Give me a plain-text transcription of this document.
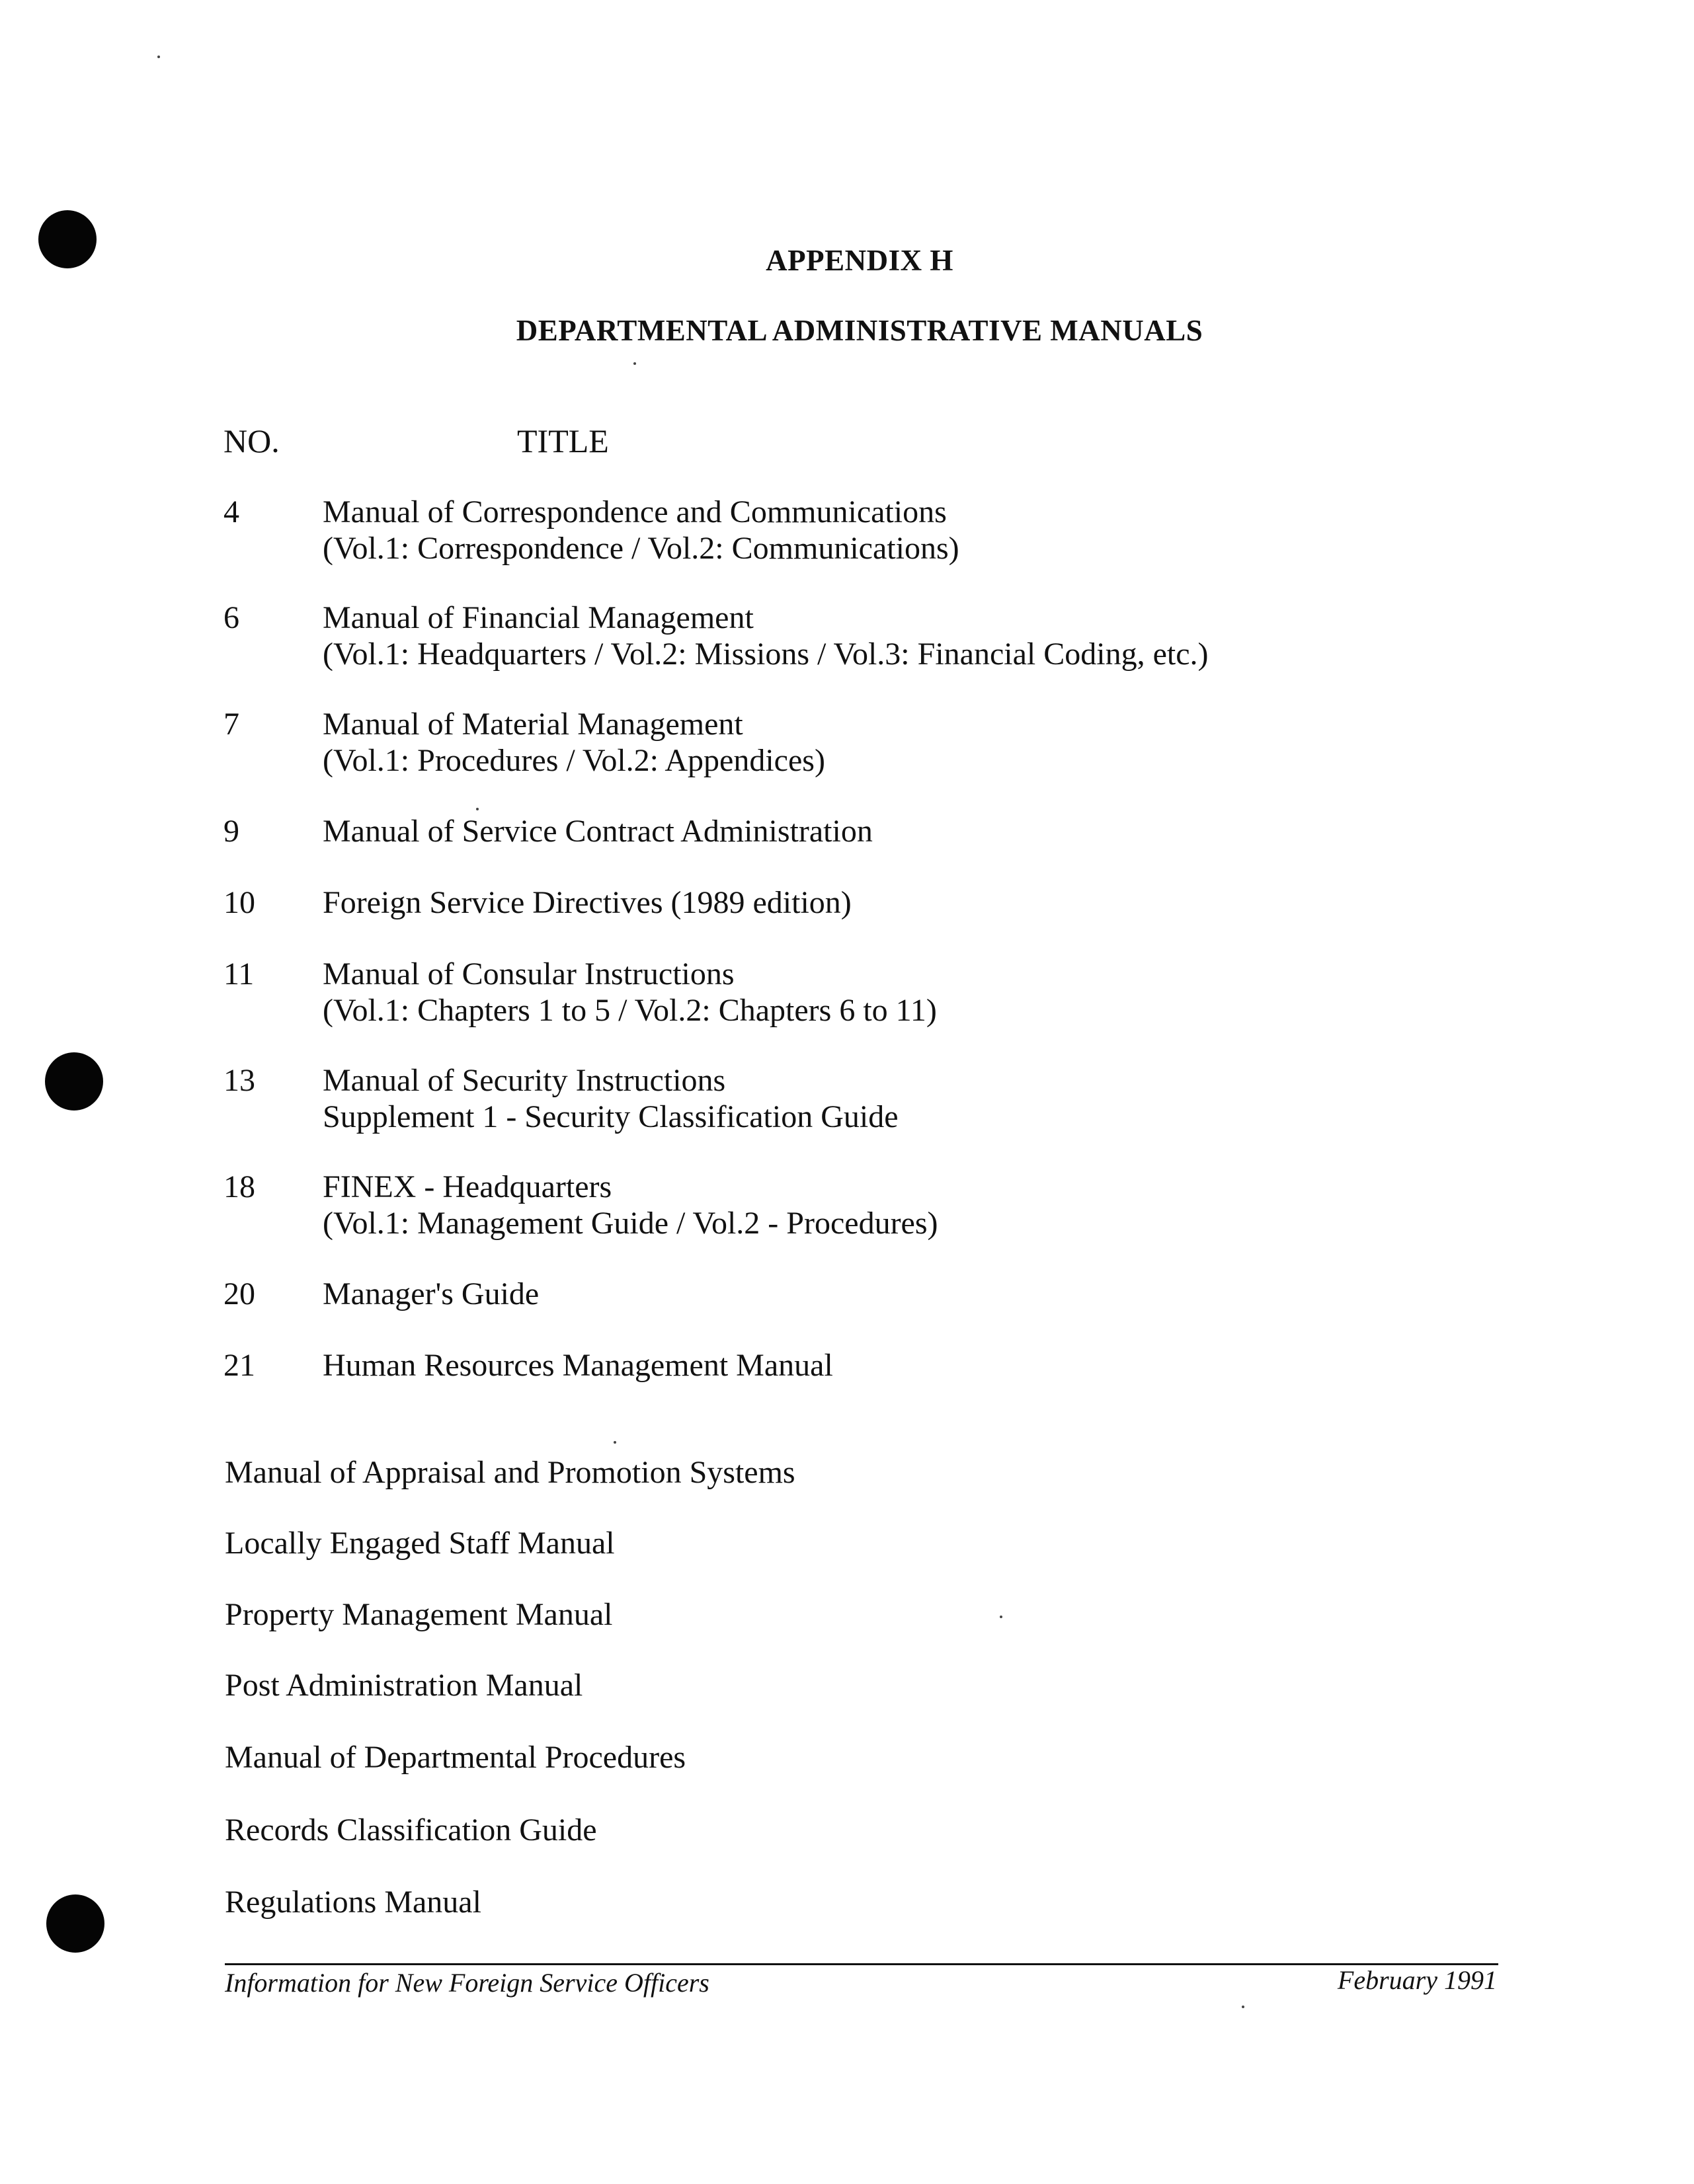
APPENDIX H
DEPARTMENTAL ADMINISTRATIVE MANUALS
NO.	TITLE
4	Manual of Correspondence and Communications
(Vol.1: Correspondence / Vol.2: Communications)
6	Manual of Financial Management
(Vol.1: Headquarters / Vol.2: Missions / Vol.3: Financial Coding, etc.)
7	Manual of Material Management
(Vol.1: Procedures / Vol.2: Appendices)
9	Manual of Service Contract Administration
10 Foreign Service Directives (1989 edition)
11 Manual of Consular Instructions
(Vol.1: Chapters 1 to 5 / Vol.2: Chapters 6 to 11)
13 Manual of Security Instructions
Supplement 1 - Security Classification Guide
18 FINEX - Headquarters
(Vol.1: Management Guide / Vol.2 - Procedures)
20 Manager's Guide
21 Human Resources Management Manual
Manual of Appraisal and Promotion Systems
Locally Engaged Staff Manual
Property Management Manual
Post Administration Manual
Manual of Departmental Procedures
Records Classification Guide
Regulations Manual
Information for New Foreign Service Officers	February 1991
